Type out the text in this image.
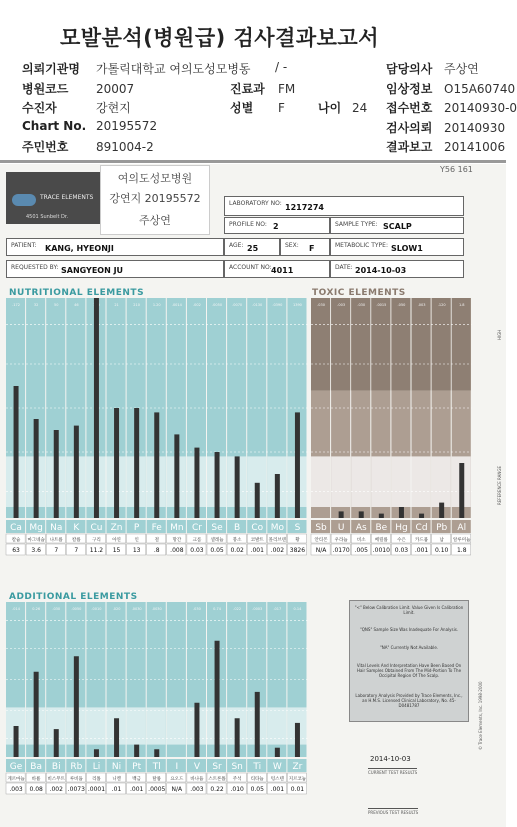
모발분석(병원급) 검사결과보고서
의뢰기관명 가톨릭대학교 여의도성모병동
병원코드 20007
수진자	강현지
Chart No. 20195572
주민번호 891004-2
/ -
진료과 FM
성별 F	나이 24
담당의사 주상연
임상정보 O15A60740
접수번호 20140930-0
검사의뢰 20140930
결과보고 20141006
TRACE ELEMENTS
4501 Sunbelt Dr.
여의도성모병원
강연지 20195572
주상연
Y56 161
LABORATORY NO: 1217274
PROFILE NO: 2	SAMPLE TYPE: SCALP
PATIENT: KANG, HYEONJI	AGE: 25	SEX: F	METABOLIC TYPE: SLOW1
REQUESTED BY: SANGYEON JU	ACCOUNT NO: 4011	DATE: 2014-10-03
NUTRITIONAL ELEMENTS	TOXIC ELEMENTS
ADDITIONAL ELEMENTS
.172	32	50	46	21	210	1.20	.0014	.002	.0050	.0070	.0130	.0390	1390
Ca Mg Na K Cu Zn P Fe Mn Cr Se B Co Mo S
칼슘 마그네슘 나트륨 칼륨	구리	아연	인	철	망간	크롬 셀레늄 붕소 코발트 몰리브덴 황
63 3.6 7	7 11.2 15 13 .8 .008 0.03 0.05 0.02 .001 .002 3826
.030	.003	.030	.0015	.050	.003	.120	1.8
Sb U As Be Hg Cd Pb Al
안티몬 우라늄 비소 베릴륨 수은 카드뮴	납 알루미늄
N/A .0170 .005 .0010 0.03 .001 0.10 1.8
.014	0.26	.030	.0050	.0010	.020	.0030	.0030	.030	0.74	.022	.0003	.017	0.14
Ge Ba Bi Rb Li Ni Pt Tl I V Sr Sn Ti W Zr
게르마늄 바륨 비스무트 루비듐 리튬	니켈	백금	탈륨 요오드 바나듐 스트론튬 주석 티타늄 텅스텐 지르코늄
.003 0.08 .002 .0073 .0001 .01 .001 .0005 N/A .003 0.22 .010 0.05 .001 0.01
"<" Below Calibration Limit. Value Given Is Calibration Limit.
"QNS" Sample Size Was Inadequate For Analysis.
"NA" Currently Not Available.
Vital Levels And Interpretation Have Been Based On Hair Samples Obtained From The Mid-Portion To The Occipital Region Of The Scalp.
Laboratory Analysis Provided by Trace Elements, Inc., an H.M.S. Licensed Clinical Laboratory, No. 45-D0481787
2014-10-03
CURRENT TEST RESULTS
PREVIOUS TEST RESULTS
© Trace Elements, Inc. 1998-2000
HIGH
REFERENCE RANGE
